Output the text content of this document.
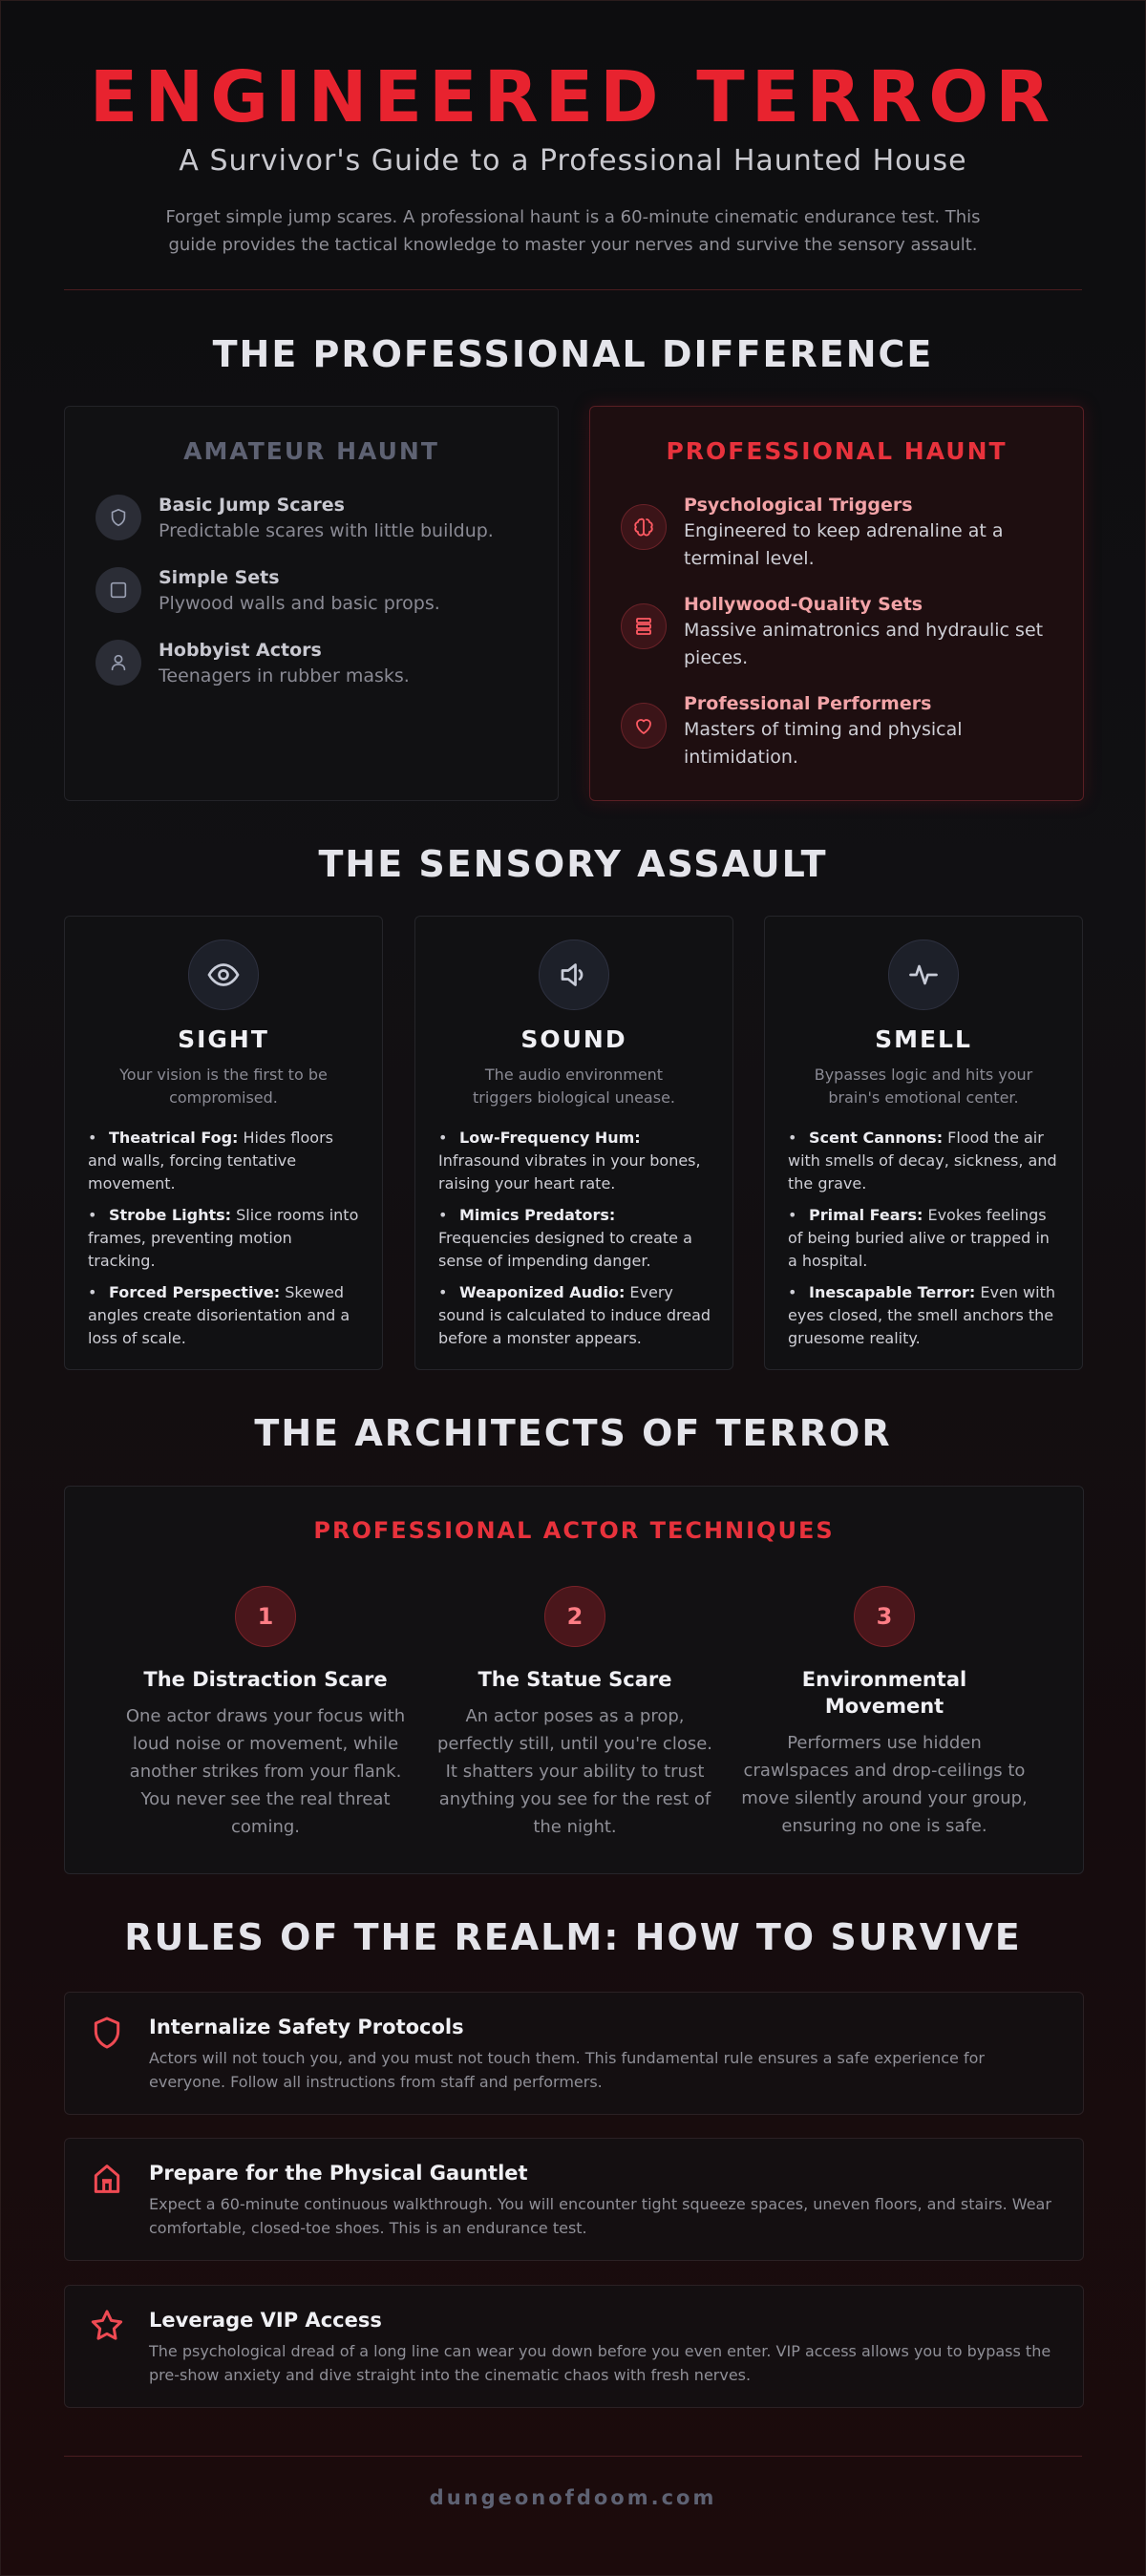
ENGINEERED TERROR
A Survivor's Guide to a Professional Haunted House

Forget simple jump scares. A professional haunt is a 60-minute cinematic endurance test. This guide provides the tactical knowledge to master your nerves and survive the sensory assault.

THE PROFESSIONAL DIFFERENCE
AMATEUR HAUNT
Basic Jump Scares
Predictable scares with little buildup.
Simple Sets
Plywood walls and basic props.
Hobbyist Actors
Teenagers in rubber masks.
PROFESSIONAL HAUNT
Psychological Triggers
Engineered to keep adrenaline at a terminal level.
Hollywood-Quality Sets
Massive animatronics and hydraulic set pieces.
Professional Performers
Masters of timing and physical intimidation.
THE SENSORY ASSAULT
SIGHT
Your vision is the first to be compromised.
• Theatrical Fog: Hides floors and walls, forcing tentative movement.
• Strobe Lights: Slice rooms into frames, preventing motion tracking.
• Forced Perspective: Skewed angles create disorientation and a loss of scale.
SOUND
The audio environment triggers biological unease.
• Low-Frequency Hum: Infrasound vibrates in your bones, raising your heart rate.
• Mimics Predators: Frequencies designed to create a sense of impending danger.
• Weaponized Audio: Every sound is calculated to induce dread before a monster appears.
SMELL
Bypasses logic and hits your brain's emotional center.
• Scent Cannons: Flood the air with smells of decay, sickness, and the grave.
• Primal Fears: Evokes feelings of being buried alive or trapped in a hospital.
• Inescapable Terror: Even with eyes closed, the smell anchors the gruesome reality.
THE ARCHITECTS OF TERROR
PROFESSIONAL ACTOR TECHNIQUES
1
The Distraction Scare
One actor draws your focus with loud noise or movement, while another strikes from your flank. You never see the real threat coming.
2
The Statue Scare
An actor poses as a prop, perfectly still, until you're close. It shatters your ability to trust anything you see for the rest of the night.
3
Environmental Movement
Performers use hidden crawlspaces and drop-ceilings to move silently around your group, ensuring no one is safe.
RULES OF THE REALM: HOW TO SURVIVE
Internalize Safety Protocols
Actors will not touch you, and you must not touch them. This fundamental rule ensures a safe experience for everyone. Follow all instructions from staff and performers.
Prepare for the Physical Gauntlet
Expect a 60-minute continuous walkthrough. You will encounter tight squeeze spaces, uneven floors, and stairs. Wear comfortable, closed-toe shoes. This is an endurance test.
Leverage VIP Access
The psychological dread of a long line can wear you down before you even enter. VIP access allows you to bypass the pre-show anxiety and dive straight into the cinematic chaos with fresh nerves.
dungeonofdoom.com
